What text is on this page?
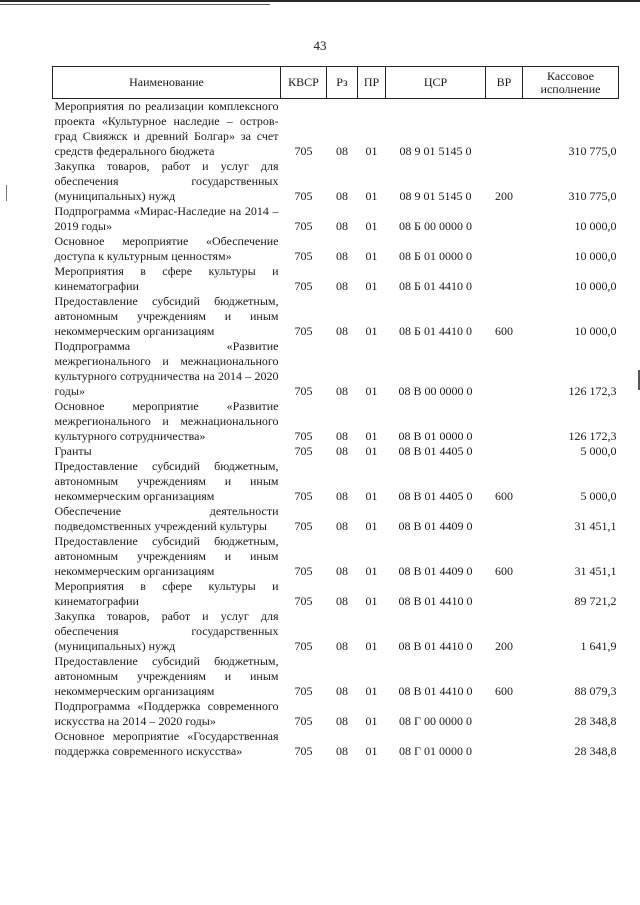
43
Наименование	КВСР	Рз	ПР	ЦСР	ВР	Кассовое
исполнение
Мероприятия по реализации комплексного проекта «Культурное наследие – остров-град Свияжск и древний Болгар» за счет средств федерального бюджета	705	08	01	08 9 01 5145 0		310 775,0
Закупка товаров, работ и услуг для обеспечения государственных (муниципальных) нужд	705	08	01	08 9 01 5145 0	200	310 775,0
Подпрограмма «Мирас-Наследие на 2014 – 2019 годы»	705	08	01	08 Б 00 0000 0		10 000,0
Основное мероприятие «Обеспечение доступа к культурным ценностям»	705	08	01	08 Б 01 0000 0		10 000,0
Мероприятия в сфере культуры и кинематографии	705	08	01	08 Б 01 4410 0		10 000,0
Предоставление субсидий бюджетным, автономным учреждениям и иным некоммерческим организациям	705	08	01	08 Б 01 4410 0	600	10 000,0
Подпрограмма «Развитие межрегионального и межнационального культурного сотрудничества на 2014 – 2020 годы»	705	08	01	08 В 00 0000 0		126 172,3
Основное мероприятие «Развитие межрегионального и межнационального культурного сотрудничества»	705	08	01	08 В 01 0000 0		126 172,3
Гранты	705	08	01	08 В 01 4405 0		5 000,0
Предоставление субсидий бюджетным, автономным учреждениям и иным некоммерческим организациям	705	08	01	08 В 01 4405 0	600	5 000,0
Обеспечение деятельности подведомственных учреждений культуры	705	08	01	08 В 01 4409 0		31 451,1
Предоставление субсидий бюджетным, автономным учреждениям и иным некоммерческим организациям	705	08	01	08 В 01 4409 0	600	31 451,1
Мероприятия в сфере культуры и кинематографии	705	08	01	08 В 01 4410 0		89 721,2
Закупка товаров, работ и услуг для обеспечения государственных (муниципальных) нужд	705	08	01	08 В 01 4410 0	200	1 641,9
Предоставление субсидий бюджетным, автономным учреждениям и иным некоммерческим организациям	705	08	01	08 В 01 4410 0	600	88 079,3
Подпрограмма «Поддержка современного искусства на 2014 – 2020 годы»	705	08	01	08 Г 00 0000 0		28 348,8
Основное мероприятие «Государственная поддержка современного искусства»	705	08	01	08 Г 01 0000 0		28 348,8
